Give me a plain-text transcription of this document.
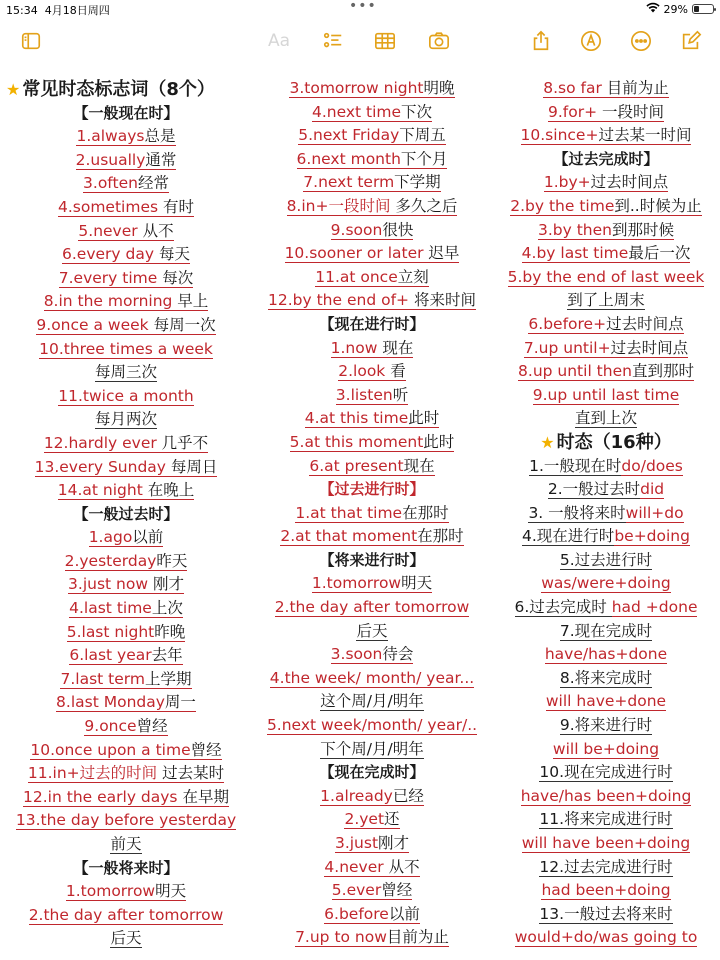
15:34 4月18日周四	•••	29%
Aa
★ 常见时态标志词（8个）
【一般现在时】
1.always总是
2.usually通常
3.often经常
4.sometimes 有时
5.never 从不
6.every day 每天
7.every time 每次
8.in the morning 早上
9.once a week 每周一次
10.three times a week
每周三次
11.twice a month
每月两次
12.hardly ever 几乎不
13.every Sunday 每周日
14.at night 在晚上
【一般过去时】
1.ago以前
2.yesterday昨天
3.just now 刚才
4.last time上次
5.last night昨晚
6.last year去年
7.last term上学期
8.last Monday周一
9.once曾经
10.once upon a time曾经
11.in+过去的时间 过去某时
12.in the early days 在早期
13.the day before yesterday
前天
【一般将来时】
1.tomorrow明天
2.the day after tomorrow
后天
3.tomorrow night明晚
4.next time下次
5.next Friday下周五
6.next month下个月
7.next term下学期
8.in+一段时间 多久之后
9.soon很快
10.sooner or later 迟早
11.at once立刻
12.by the end of+ 将来时间
【现在进行时】
1.now 现在
2.look 看
3.listen听
4.at this time此时
5.at this moment此时
6.at present现在
【过去进行时】
1.at that time在那时
2.at that moment在那时
【将来进行时】
1.tomorrow明天
2.the day after tomorrow
后天
3.soon待会
4.the week/ month/ year...
这个周/月/明年
5.next week/month/ year/..
下个周/月/明年
【现在完成时】
1.already已经
2.yet还
3.just刚才
4.never 从不
5.ever曾经
6.before以前
7.up to now目前为止
8.so far 目前为止
9.for+ 一段时间
10.since+过去某一时间
【过去完成时】
1.by+过去时间点
2.by the time到..时候为止
3.by then到那时候
4.by last time最后一次
5.by the end of last week
到了上周末
6.before+过去时间点
7.up until+过去时间点
8.up until then直到那时
9.up until last time
直到上次
★ 时态（16种）
1.一般现在时do/does
2.一般过去时did
3. 一般将来时will+do
4.现在进行时be+doing
5.过去进行时
was/were+doing
6.过去完成时 had +done
7.现在完成时
have/has+done
8.将来完成时
will have+done
9.将来进行时
will be+doing
10.现在完成进行时
have/has been+doing
11.将来完成进行时
will have been+doing
12.过去完成进行时
had been+doing
13.一般过去将来时
would+do/was going to
